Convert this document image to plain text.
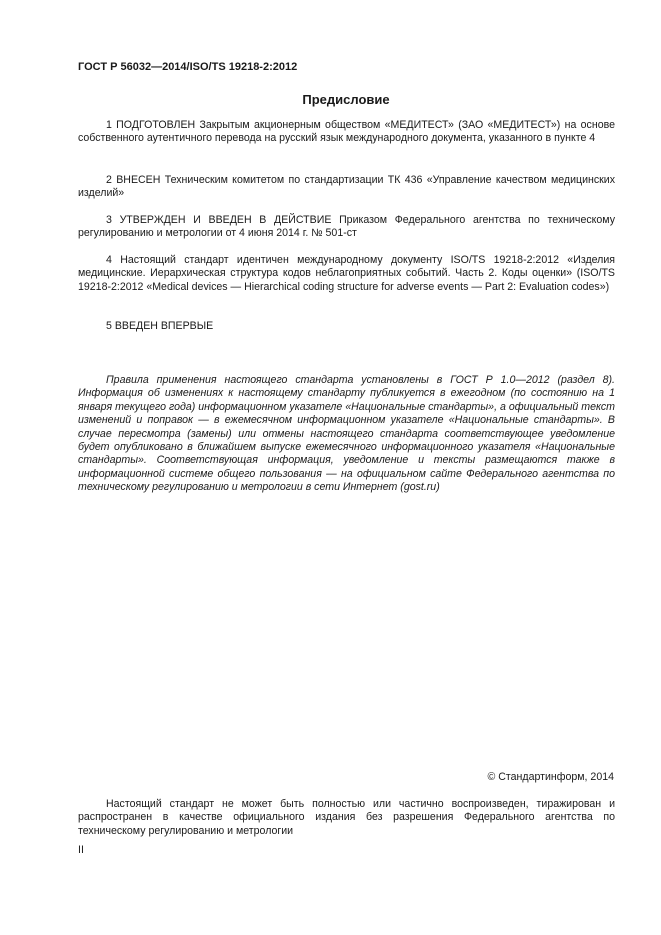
ГОСТ Р 56032—2014/ISO/TS 19218-2:2012
Предисловие

1 ПОДГОТОВЛЕН Закрытым акционерным обществом «МЕДИТЕСТ» (ЗАО «МЕДИТЕСТ») на основе собственного аутентичного перевода на русский язык международного документа, указанного в пункте 4

2 ВНЕСЕН Техническим комитетом по стандартизации ТК 436 «Управление качеством медицинских изделий»

3 УТВЕРЖДЕН И ВВЕДЕН В ДЕЙСТВИЕ Приказом Федерального агентства по техническому регулированию и метрологии от 4 июня 2014 г. № 501-ст

4 Настоящий стандарт идентичен международному документу ISO/TS 19218-2:2012 «Изделия медицинские. Иерархическая структура кодов неблагоприятных событий. Часть 2. Коды оценки» (ISO/TS 19218-2:2012 «Medical devices — Hierarchical coding structure for adverse events — Part 2: Evaluation codes»)

5 ВВЕДЕН ВПЕРВЫЕ

Правила применения настоящего стандарта установлены в ГОСТ Р 1.0—2012 (раздел 8). Информация об изменениях к настоящему стандарту публикуется в ежегодном (по состоянию на 1 января текущего года) информационном указателе «Национальные стандарты», а официальный текст изменений и поправок — в ежемесячном информационном указателе «Национальные стандарты». В случае пересмотра (замены) или отмены настоящего стандарта соответствующее уведомление будет опубликовано в ближайшем выпуске ежемесячного информационного указателя «Национальные стандарты». Соответствующая информация, уведомление и тексты размещаются также в информационной системе общего пользования — на официальном сайте Федерального агентства по техническому регулированию и метрологии в сети Интернет (gost.ru)

© Стандартинформ, 2014

Настоящий стандарт не может быть полностью или частично воспроизведен, тиражирован и распространен в качестве официального издания без разрешения Федерального агентства по техническому регулированию и метрологии

II
